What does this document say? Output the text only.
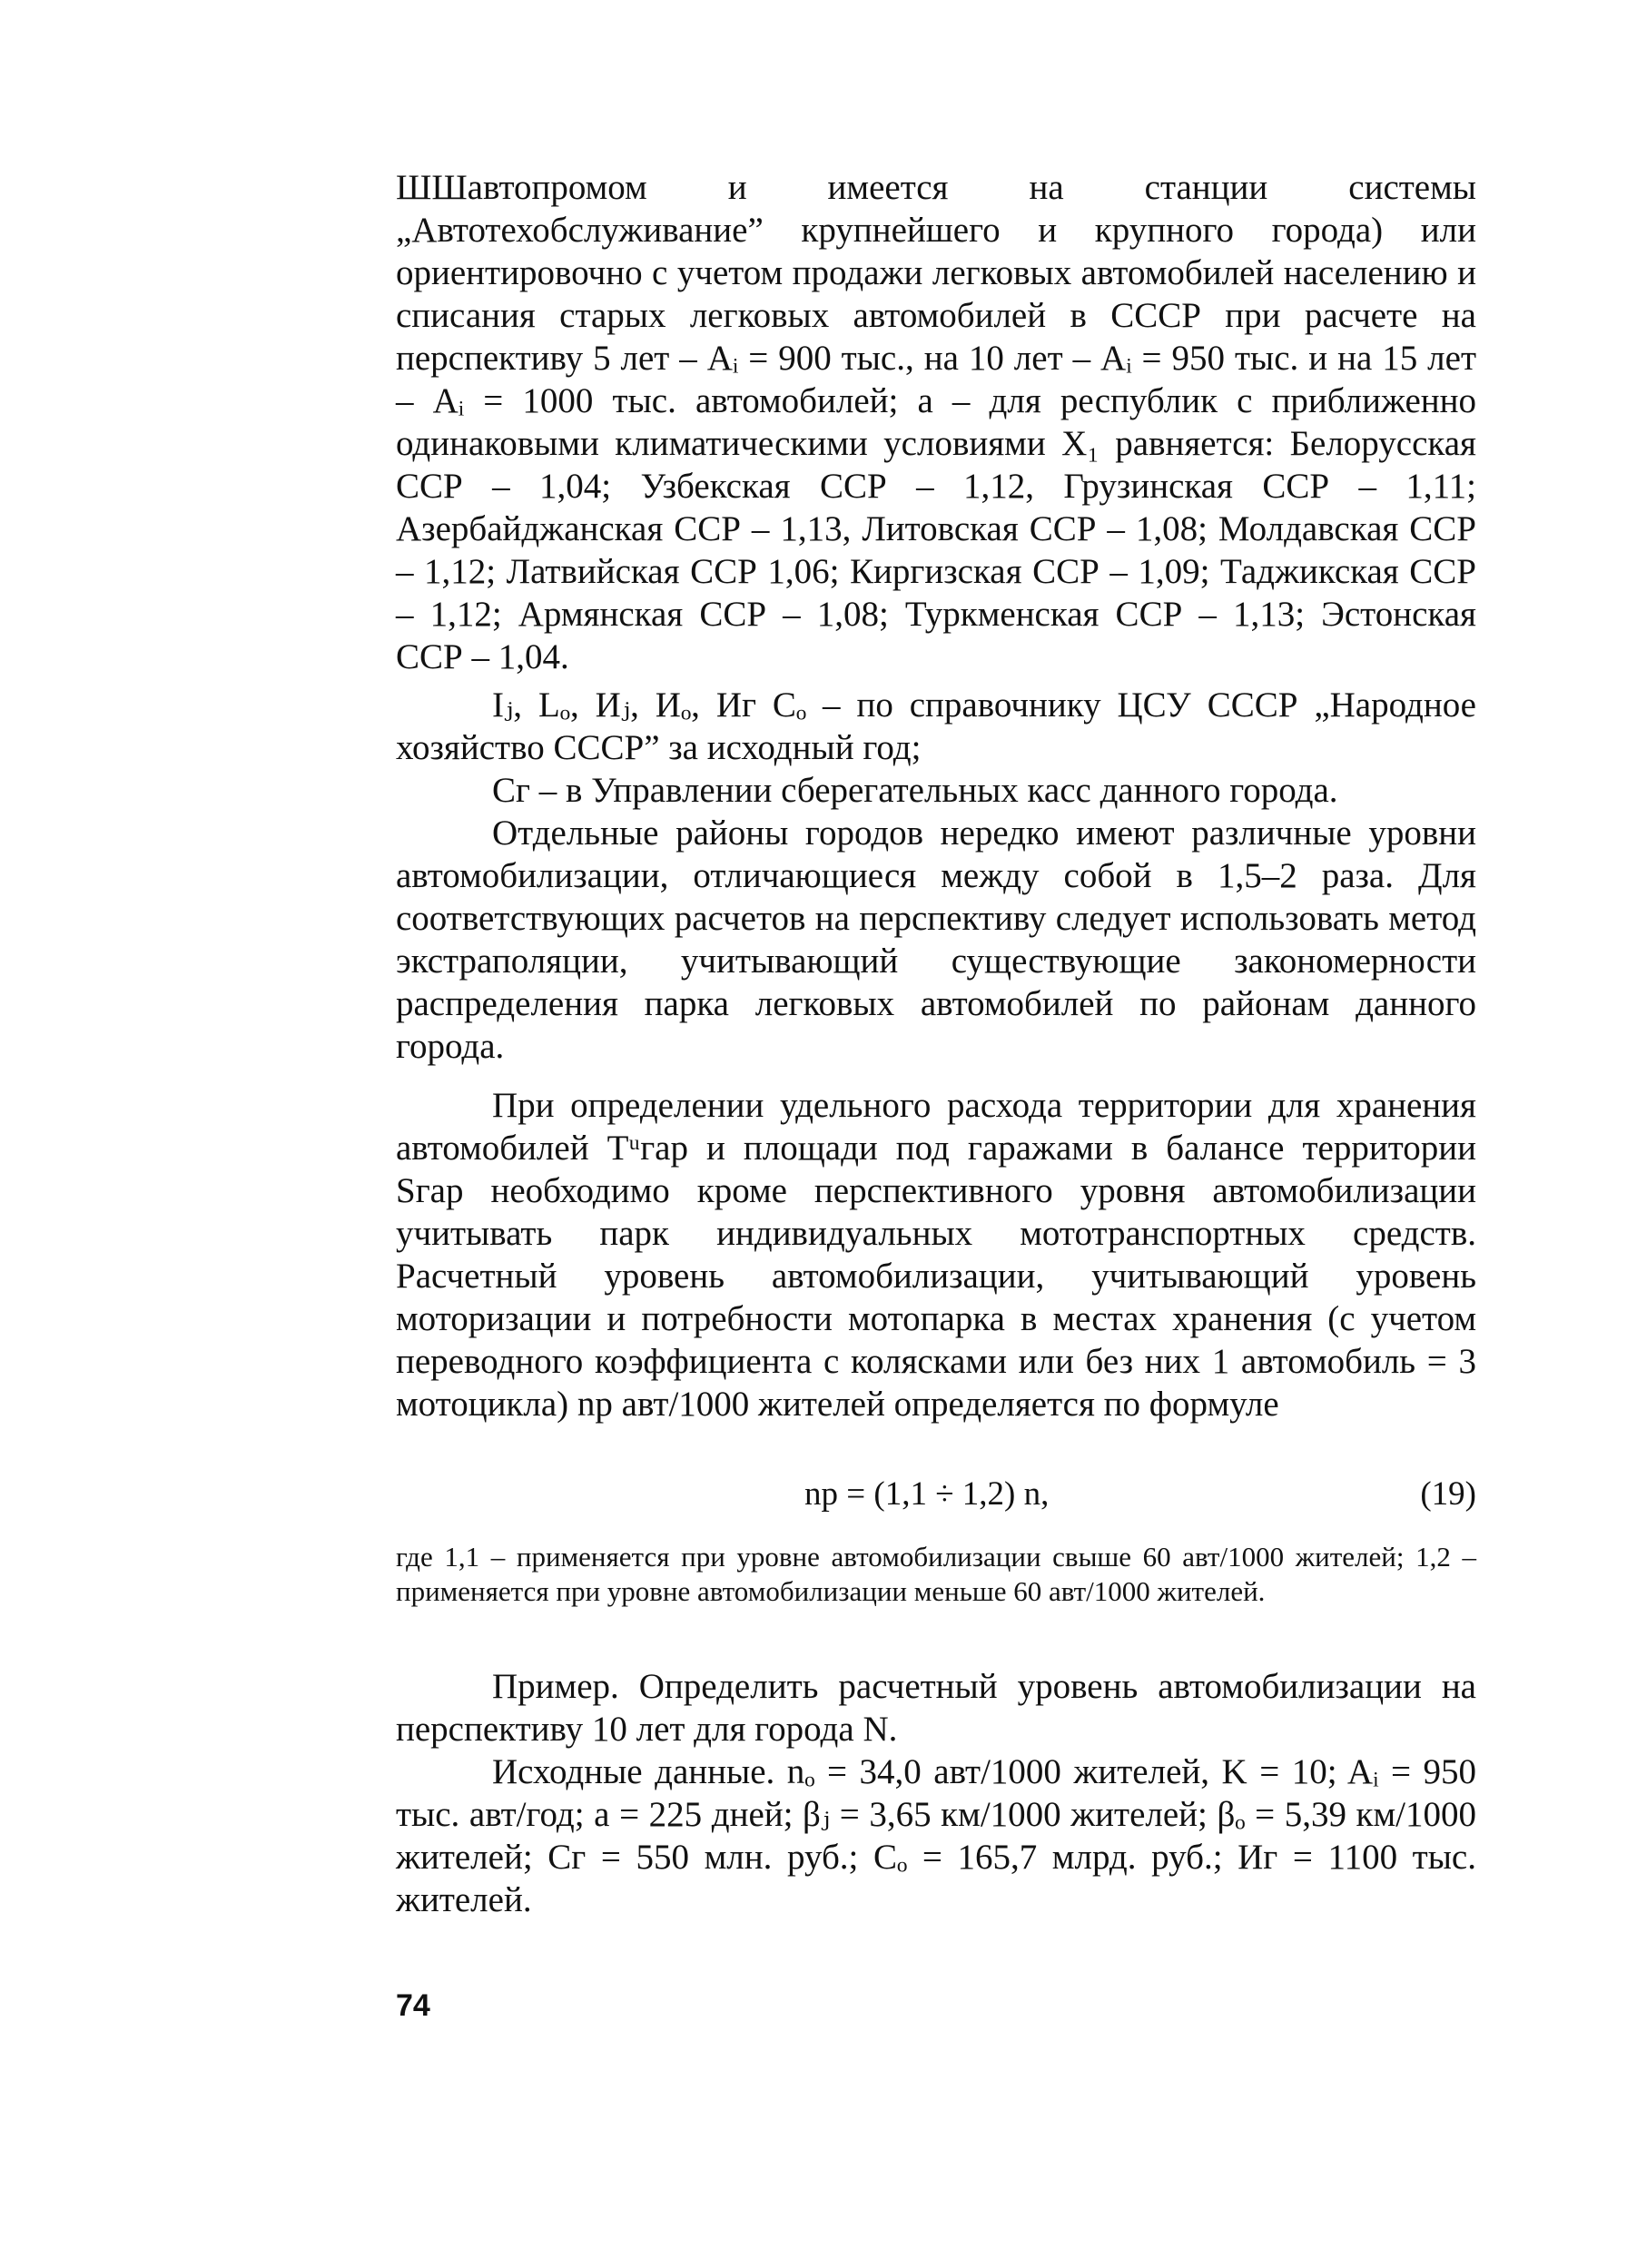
ШШавтопромом и имеется на станции системы „Автотехобслуживание” крупнейшего и крупного города) или ориентировочно с учетом продажи легковых автомобилей населению и списания старых легковых автомобилей в СССР при расчете на перспективу 5 лет – Aᵢ = 900 тыс., на 10 лет – Aᵢ = 950 тыс. и на 15 лет – Aᵢ = 1000 тыс. автомобилей; a – для республик с приближенно одинаковыми климатическими условиями X₁ равняется: Белорусская ССР – 1,04; Узбекская ССР – 1,12, Грузинская ССР – 1,11; Азербайджанская ССР – 1,13, Литовская ССР – 1,08; Молдавская ССР – 1,12; Латвийская ССР 1,06; Киргизская ССР – 1,09; Таджикская ССР – 1,12; Армянская ССР – 1,08; Туркменская ССР – 1,13; Эстонская ССР – 1,04.

Iⱼ, Lₒ, Иⱼ, Иₒ, Иг Cₒ – по справочнику ЦСУ СССР „Народное хозяйство СССР” за исходный год;

Cг – в Управлении сберегательных касс данного города.

Отдельные районы городов нередко имеют различные уровни автомобилизации, отличающиеся между собой в 1,5–2 раза. Для соответствующих расчетов на перспективу следует использовать метод экстраполяции, учитывающий существующие закономерности распределения парка легковых автомобилей по районам данного города.

При определении удельного расхода территории для хранения автомобилей Tᵘгар и площади под гаражами в балансе территории Sгар необходимо кроме перспективного уровня автомобилизации учитывать парк индивидуальных мототранспортных средств. Расчетный уровень автомобилизации, учитывающий уровень моторизации и потребности мотопарка в местах хранения (с учетом переводного коэффициента с колясками или без них 1 автомобиль = 3 мотоцикла) nр авт/1000 жителей определяется по формуле

nр = (1,1 ÷ 1,2) n,	(19)
где 1,1 – применяется при уровне автомобилизации свыше 60 авт/1000 жителей; 1,2 – применяется при уровне автомобилизации меньше 60 авт/1000 жителей.

Пример. Определить расчетный уровень автомобилизации на перспективу 10 лет для города N.

Исходные данные. nₒ = 34,0 авт/1000 жителей, K = 10; Aᵢ = 950 тыс. авт/год; a = 225 дней; βⱼ = 3,65 км/1000 жителей; βₒ = 5,39 км/1000 жителей; Cг = 550 млн. руб.; Cₒ = 165,7 млрд. руб.; Иг = 1100 тыс. жителей.

74
